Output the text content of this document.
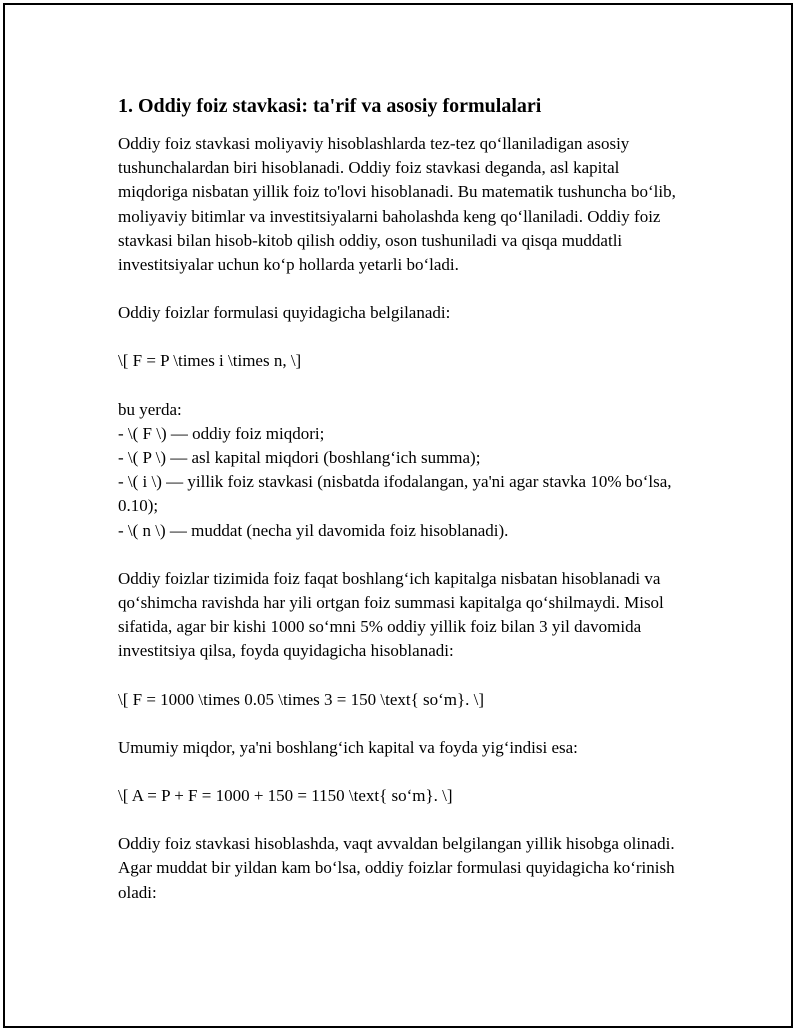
1. Oddiy foiz stavkasi: ta'rif va asosiy formulalari

Oddiy foiz stavkasi moliyaviy hisoblashlarda tez-tez qo‘llaniladigan asosiy tushunchalardan biri hisoblanadi. Oddiy foiz stavkasi deganda, asl kapital miqdoriga nisbatan yillik foiz to'lovi hisoblanadi. Bu matematik tushuncha bo‘lib, moliyaviy bitimlar va investitsiyalarni baholashda keng qo‘llaniladi. Oddiy foiz stavkasi bilan hisob-kitob qilish oddiy, oson tushuniladi va qisqa muddatli investitsiyalar uchun ko‘p hollarda yetarli bo‘ladi.

Oddiy foizlar formulasi quyidagicha belgilanadi:

\[ F = P \times i \times n, \]

bu yerda:
- \( F \) — oddiy foiz miqdori;
- \( P \) — asl kapital miqdori (boshlang‘ich summa);
- \( i \) — yillik foiz stavkasi (nisbatda ifodalangan, ya'ni agar stavka 10% bo‘lsa, 0.10);
- \( n \) — muddat (necha yil davomida foiz hisoblanadi).

Oddiy foizlar tizimida foiz faqat boshlang‘ich kapitalga nisbatan hisoblanadi va qo‘shimcha ravishda har yili ortgan foiz summasi kapitalga qo‘shilmaydi. Misol sifatida, agar bir kishi 1000 so‘mni 5% oddiy yillik foiz bilan 3 yil davomida investitsiya qilsa, foyda quyidagicha hisoblanadi:

\[ F = 1000 \times 0.05 \times 3 = 150 \text{ so‘m}. \]

Umumiy miqdor, ya'ni boshlang‘ich kapital va foyda yig‘indisi esa:

\[ A = P + F = 1000 + 150 = 1150 \text{ so‘m}. \]

Oddiy foiz stavkasi hisoblashda, vaqt avvaldan belgilangan yillik hisobga olinadi. Agar muddat bir yildan kam bo‘lsa, oddiy foizlar formulasi quyidagicha ko‘rinish oladi:
